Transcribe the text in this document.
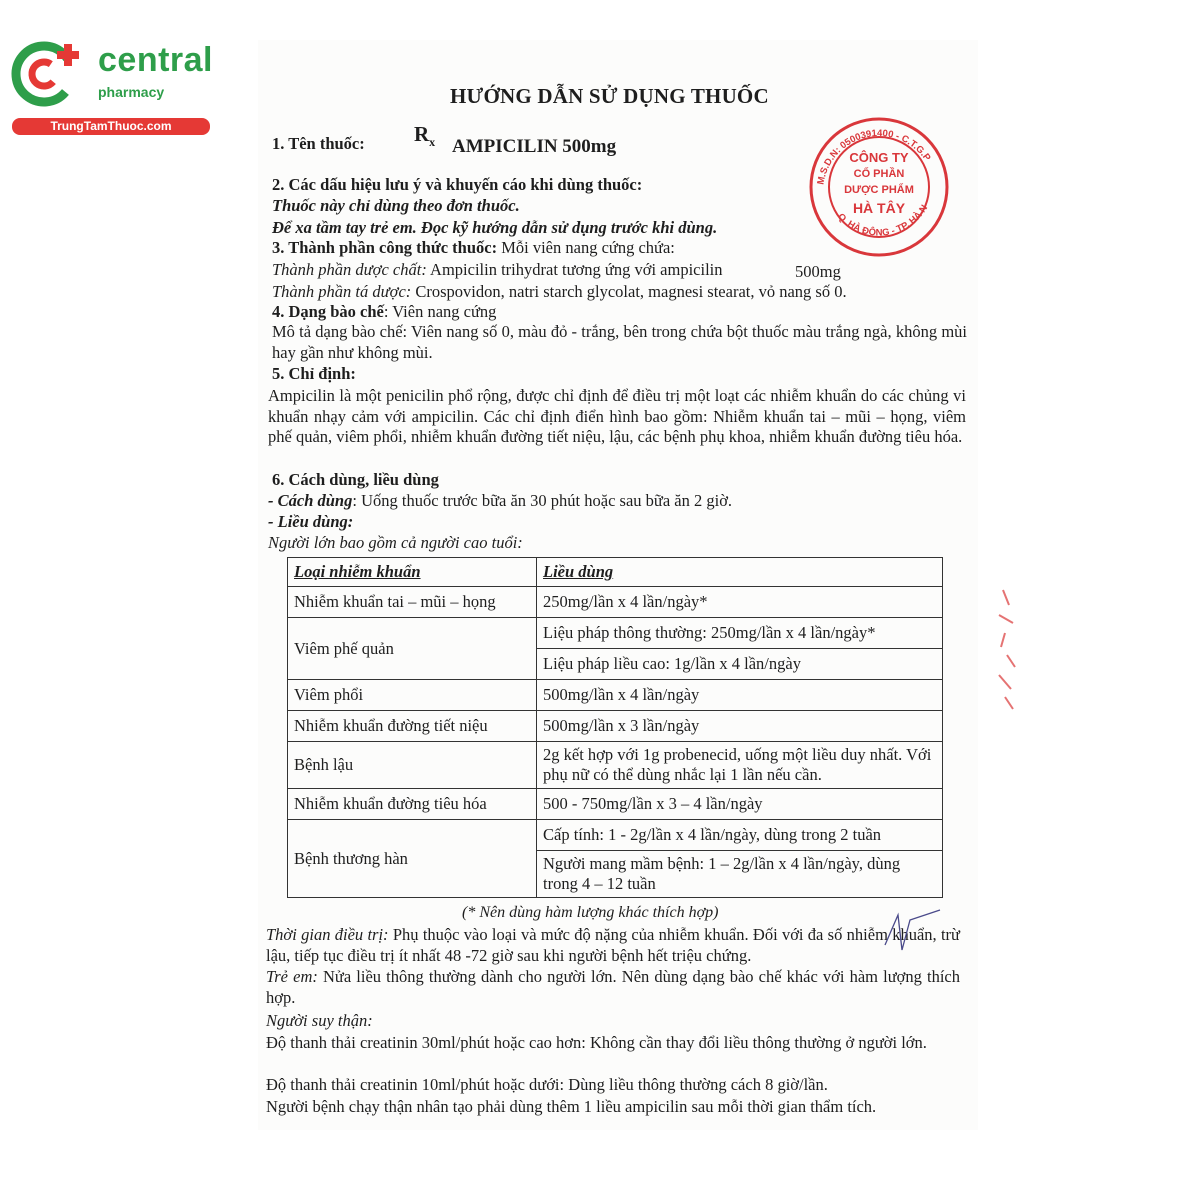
central
pharmacy
TrungTamThuoc.com
HƯỚNG DẪN SỬ DỤNG THUỐC
1. Tên thuốc: $R_x$ AMPICILIN 500mg
M.S.D.N: 0500391400 - C.T.G.P
Q. HÀ ĐÔNG - TP. HÀ N
CÔNG TY
CỔ PHẦN
DƯỢC PHẨM
HÀ TÂY
2. Các dấu hiệu lưu ý và khuyến cáo khi dùng thuốc:
Thuốc này chỉ dùng theo đơn thuốc.
Để xa tầm tay trẻ em. Đọc kỹ hướng dẫn sử dụng trước khi dùng.
3. Thành phần công thức thuốc: Mỗi viên nang cứng chứa:
Thành phần dược chất: Ampicilin trihydrat tương ứng với ampicilin	500mg
Thành phần tá dược: Crospovidon, natri starch glycolat, magnesi stearat, vỏ nang số 0.
4. Dạng bào chế: Viên nang cứng
Mô tả dạng bào chế: Viên nang số 0, màu đỏ - trắng, bên trong chứa bột thuốc màu trắng ngà, không mùi hay gần như không mùi.
5. Chỉ định:
Ampicilin là một penicilin phổ rộng, được chỉ định để điều trị một loạt các nhiễm khuẩn do các chủng vi khuẩn nhạy cảm với ampicilin. Các chỉ định điển hình bao gồm: Nhiễm khuẩn tai – mũi – họng, viêm phế quản, viêm phổi, nhiễm khuẩn đường tiết niệu, lậu, các bệnh phụ khoa, nhiễm khuẩn đường tiêu hóa.
6. Cách dùng, liều dùng
- Cách dùng: Uống thuốc trước bữa ăn 30 phút hoặc sau bữa ăn 2 giờ.
- Liều dùng:
Người lớn bao gồm cả người cao tuổi:
Loại nhiễm khuẩn	Liều dùng
Nhiễm khuẩn tai – mũi – họng	250mg/lần x 4 lần/ngày*
Viêm phế quản	Liệu pháp thông thường: 250mg/lần x 4 lần/ngày*
	Liệu pháp liều cao: 1g/lần x 4 lần/ngày
Viêm phổi	500mg/lần x 4 lần/ngày
Nhiễm khuẩn đường tiết niệu	500mg/lần x 3 lần/ngày
Bệnh lậu	2g kết hợp với 1g probenecid, uống một liều duy nhất. Với phụ nữ có thể dùng nhắc lại 1 lần nếu cần.
Nhiễm khuẩn đường tiêu hóa	500 - 750mg/lần x 3 – 4 lần/ngày
Bệnh thương hàn	Cấp tính: 1 - 2g/lần x 4 lần/ngày, dùng trong 2 tuần
	Người mang mầm bệnh: 1 – 2g/lần x 4 lần/ngày, dùng trong 4 – 12 tuần
(* Nên dùng hàm lượng khác thích hợp)
Thời gian điều trị: Phụ thuộc vào loại và mức độ nặng của nhiễm khuẩn. Đối với đa số nhiễm khuẩn, trừ lậu, tiếp tục điều trị ít nhất 48 -72 giờ sau khi người bệnh hết triệu chứng.
Trẻ em: Nửa liều thông thường dành cho người lớn. Nên dùng dạng bào chế khác với hàm lượng thích hợp.
Người suy thận:
Độ thanh thải creatinin 30ml/phút hoặc cao hơn: Không cần thay đổi liều thông thường ở người lớn.
Độ thanh thải creatinin 10ml/phút hoặc dưới: Dùng liều thông thường cách 8 giờ/lần.
Người bệnh chạy thận nhân tạo phải dùng thêm 1 liều ampicilin sau mỗi thời gian thẩm tích.
